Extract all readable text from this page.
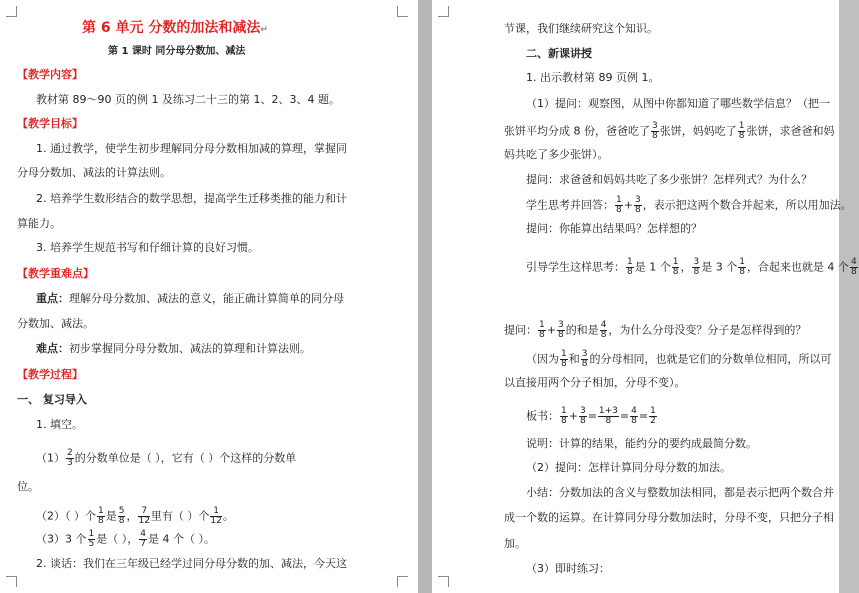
第 6 单元 分数的加法和减法↵
第 1 课时 同分母分数加、减法
【教学内容】
教材第 89～90 页的例 1 及练习二十三的第 1、2、3、4 题。
【教学目标】
1. 通过教学，使学生初步理解同分母分数相加减的算理，掌握同
分母分数加、减法的计算法则。
2. 培养学生数形结合的数学思想，提高学生迁移类推的能力和计
算能力。
3. 培养学生规范书写和仔细计算的良好习惯。
【教学重难点】
重点：理解分母分数加、减法的意义，能正确计算简单的同分母
分数加、减法。
难点：初步掌握同分母分数加、减法的算理和计算法则。
【教学过程】
一、 复习导入
1. 填空。
$(1) \frac{2}{3}$ 的分数单位是（ ），它有（ ）个这样的分数单
位。
（2）（ ）个 $\frac{1}{8}$ 是 $\frac{5}{8}$ ， $\frac{7}{12}$ 里有（ ）个 $\frac{1}{12}$ 。
（3）3 个 $\frac{1}{5}$ 是（ ）， $\frac{4}{7}$ 是 4 个（ ）。
2. 谈话：我们在三年级已经学过同分母分数的加、减法，今天这
节课，我们继续研究这个知识。
二、新课讲授
1. 出示教材第 89 页例 1。
（1）提问：观察图，从图中你都知道了哪些数学信息？（把一
张饼平均分成 8 份，爸爸吃了 $\frac{3}{8}$ 张饼，妈妈吃了 $\frac{1}{8}$ 张饼，求爸爸和妈
妈共吃了多少张饼）。
提问：求爸爸和妈妈共吃了多少张饼？怎样列式？为什么？
学生思考并回答： $\frac{1}{8} + \frac{3}{8}$ ，表示把这两个数合并起来，所以用加法。
提问：你能算出结果吗？怎样想的？
引导学生这样思考： $\frac{1}{8}$ 是 1 个 $\frac{1}{8}$ ， $\frac{3}{8}$ 是 3 个 $\frac{1}{8}$ ，合起来也就是 4 个 $\frac{4}{8}$
提问： $\frac{1}{8} + \frac{3}{8}$ 的和是 $\frac{4}{8}$ ，为什么分母没变？分子是怎样得到的？
（因为 $\frac{1}{8}$ 和 $\frac{3}{8}$ 的分母相同，也就是它们的分数单位相同，所以可
以直接用两个分子相加，分母不变）。
板书： $\frac{1}{8} + \frac{3}{8} = \frac{1+3}{8} = \frac{4}{8} = \frac{1}{2}$
说明：计算的结果，能约分的要约成最简分数。
（2）提问：怎样计算同分母分数的加法。
小结：分数加法的含义与整数加法相同，都是表示把两个数合并
成一个数的运算。在计算同分母分数加法时，分母不变，只把分子相
加。
（3）即时练习：
